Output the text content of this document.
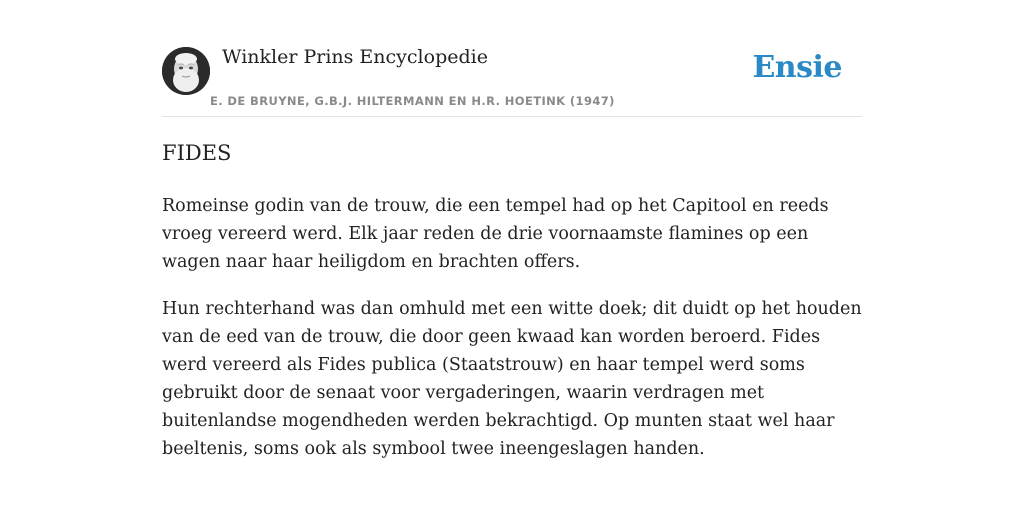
Winkler Prins Encyclopedie
E. DE BRUYNE, G.B.J. HILTERMANN EN H.R. HOETINK (1947)
Ensie
FIDES

Romeinse godin van de trouw, die een tempel had op het Capitool en reeds vroeg vereerd werd. Elk jaar reden de drie voornaamste flamines op een wagen naar haar heiligdom en brachten offers.

Hun rechterhand was dan omhuld met een witte doek; dit duidt op het houden van de eed van de trouw, die door geen kwaad kan worden beroerd. Fides werd vereerd als Fides publica (Staatstrouw) en haar tempel werd soms gebruikt door de senaat voor vergaderingen, waarin verdragen met buitenlandse mogendheden werden bekrachtigd. Op munten staat wel haar beeltenis, soms ook als symbool twee ineengeslagen handen.
